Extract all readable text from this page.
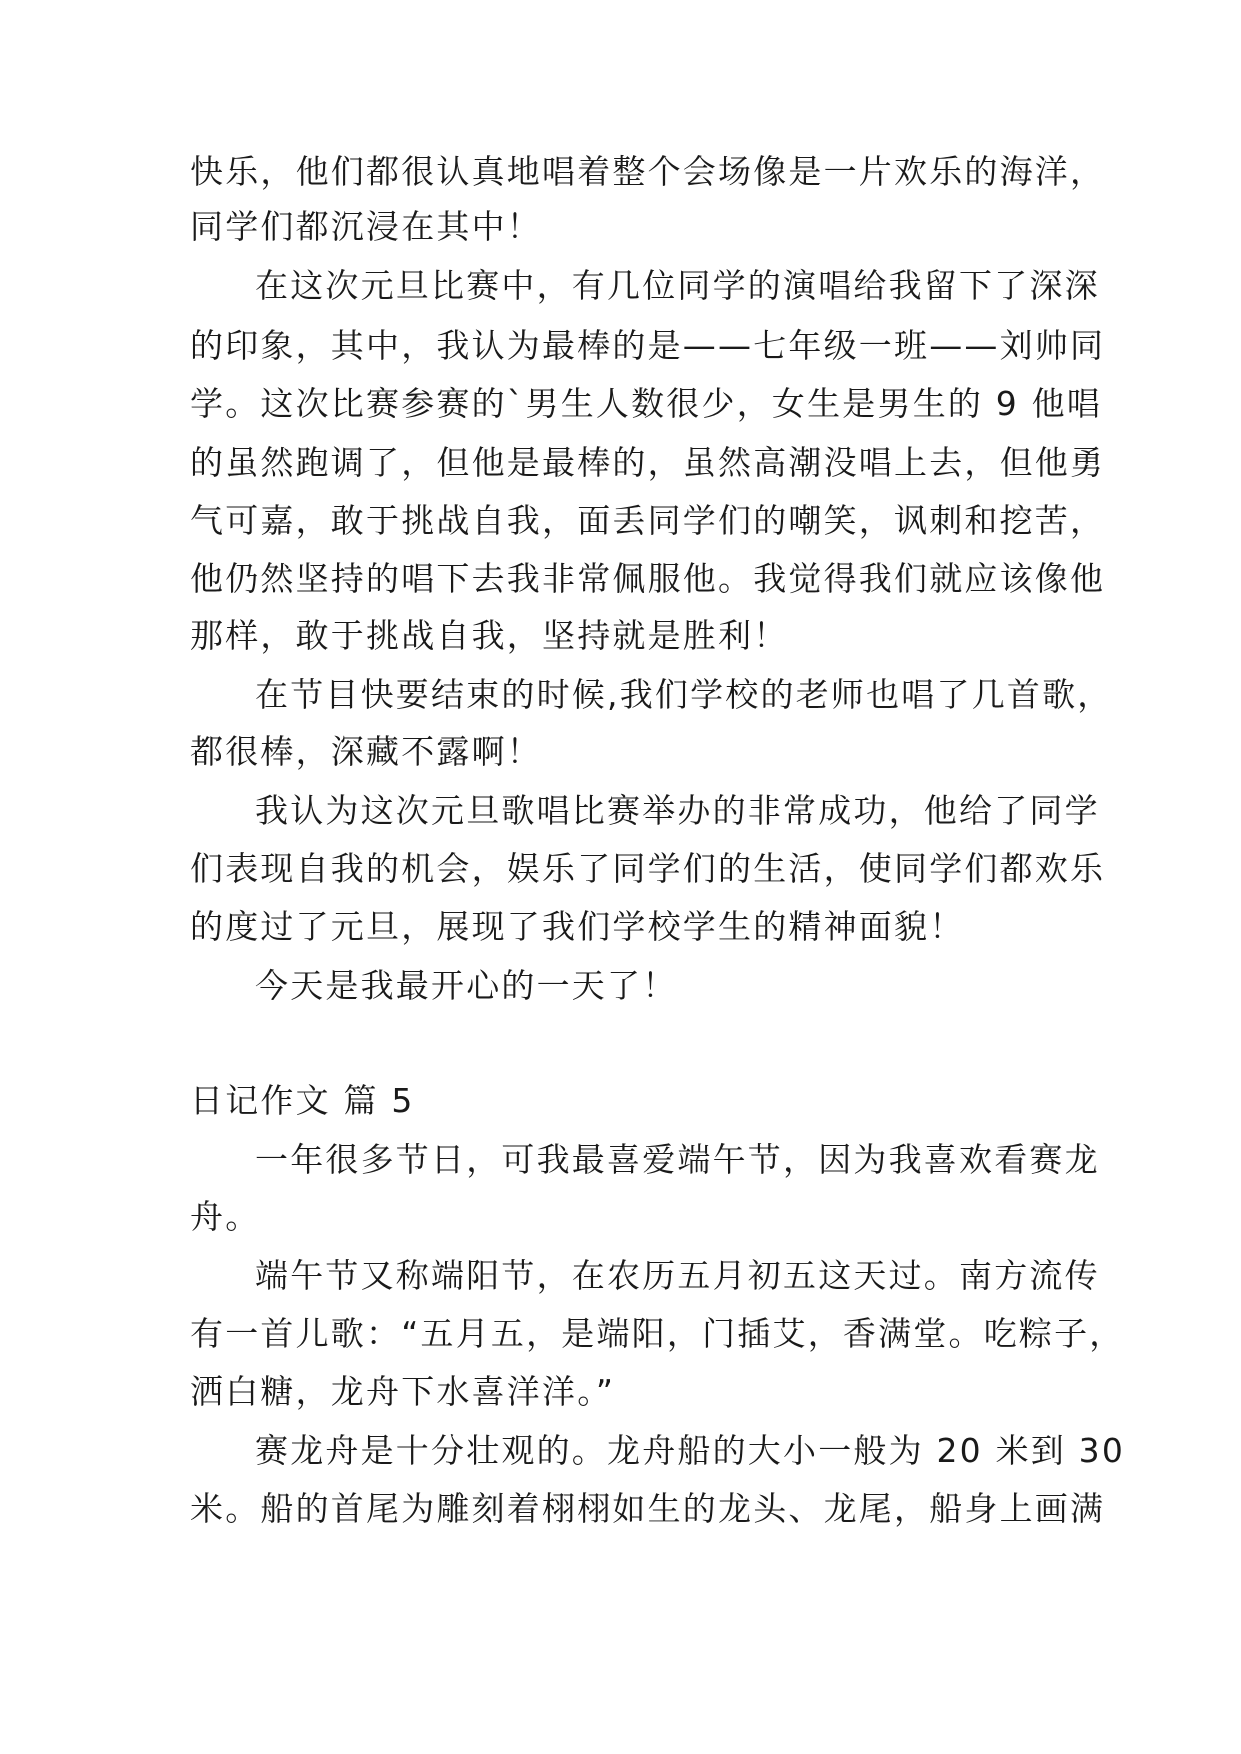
快乐，他们都很认真地唱着整个会场像是一片欢乐的海洋，
同学们都沉浸在其中！
在这次元旦比赛中，有几位同学的演唱给我留下了深深
的印象，其中，我认为最棒的是——七年级一班——刘帅同
学。这次比赛参赛的`男生人数很少，女生是男生的 9 他唱
的虽然跑调了，但他是最棒的，虽然高潮没唱上去，但他勇
气可嘉，敢于挑战自我，面丢同学们的嘲笑，讽刺和挖苦，
他仍然坚持的唱下去我非常佩服他。我觉得我们就应该像他
那样，敢于挑战自我，坚持就是胜利！
在节目快要结束的时候,我们学校的老师也唱了几首歌，
都很棒，深藏不露啊！
我认为这次元旦歌唱比赛举办的非常成功，他给了同学
们表现自我的机会，娱乐了同学们的生活，使同学们都欢乐
的度过了元旦，展现了我们学校学生的精神面貌！
今天是我最开心的一天了！
日记作文 篇 5
一年很多节日，可我最喜爱端午节，因为我喜欢看赛龙
舟。
端午节又称端阳节，在农历五月初五这天过。南方流传
有一首儿歌：“五月五，是端阳，门插艾，香满堂。吃粽子，
洒白糖，龙舟下水喜洋洋。”
赛龙舟是十分壮观的。龙舟船的大小一般为 20 米到 30
米。船的首尾为雕刻着栩栩如生的龙头、龙尾，船身上画满
